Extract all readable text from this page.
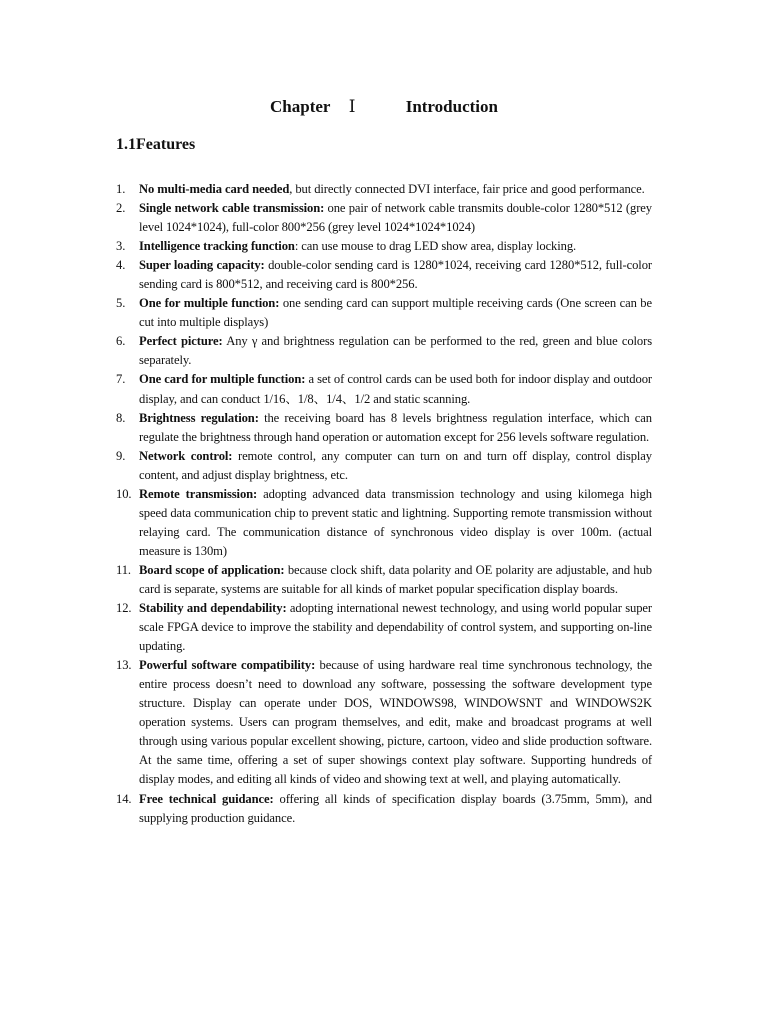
Chapter Ⅰ	Introduction
1.1Features
1. No multi-media card needed, but directly connected DVI interface, fair price and good performance.
2. Single network cable transmission: one pair of network cable transmits double-color 1280*512 (grey level 1024*1024), full-color 800*256 (grey level 1024*1024*1024)
3. Intelligence tracking function: can use mouse to drag LED show area, display locking.
4. Super loading capacity: double-color sending card is 1280*1024, receiving card 1280*512, full-color sending card is 800*512, and receiving card is 800*256.
5. One for multiple function: one sending card can support multiple receiving cards (One screen can be cut into multiple displays)
6. Perfect picture: Any γ and brightness regulation can be performed to the red, green and blue colors separately.
7. One card for multiple function: a set of control cards can be used both for indoor display and outdoor display, and can conduct 1/16、1/8、1/4、1/2 and static scanning.
8. Brightness regulation: the receiving board has 8 levels brightness regulation interface, which can regulate the brightness through hand operation or automation except for 256 levels software regulation.
9. Network control: remote control, any computer can turn on and turn off display, control display content, and adjust display brightness, etc.
10. Remote transmission: adopting advanced data transmission technology and using kilomega high speed data communication chip to prevent static and lightning. Supporting remote transmission without relaying card. The communication distance of synchronous video display is over 100m. (actual measure is 130m)
11. Board scope of application: because clock shift, data polarity and OE polarity are adjustable, and hub card is separate, systems are suitable for all kinds of market popular specification display boards.
12. Stability and dependability: adopting international newest technology, and using world popular super scale FPGA device to improve the stability and dependability of control system, and supporting on-line updating.
13. Powerful software compatibility: because of using hardware real time synchronous technology, the entire process doesn’t need to download any software, possessing the software development type structure. Display can operate under DOS, WINDOWS98, WINDOWSNT and WINDOWS2K operation systems. Users can program themselves, and edit, make and broadcast programs at well through using various popular excellent showing, picture, cartoon, video and slide production software. At the same time, offering a set of super showings context play software. Supporting hundreds of display modes, and editing all kinds of video and showing text at well, and playing automatically.
14. Free technical guidance: offering all kinds of specification display boards (3.75mm, 5mm), and supplying production guidance.
